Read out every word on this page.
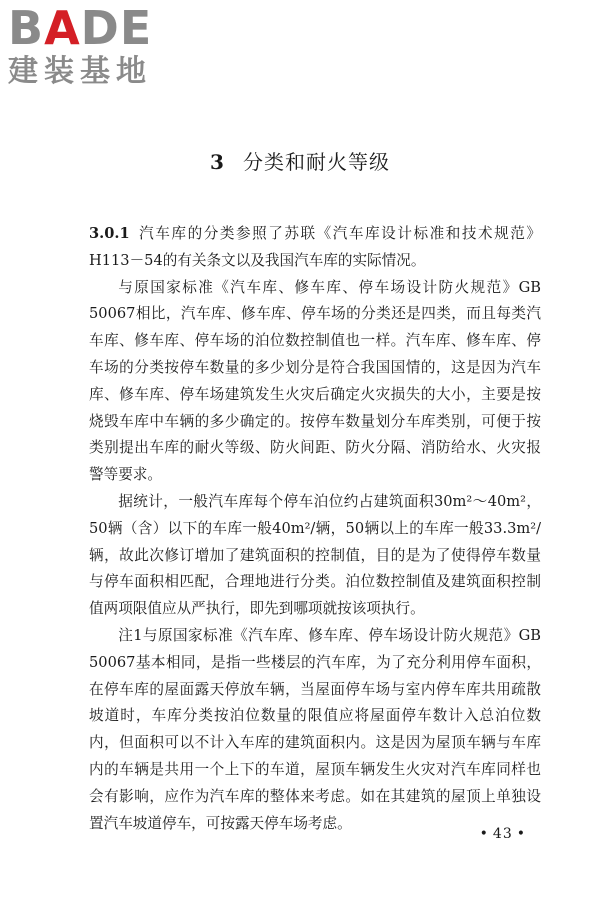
BADE
建装基地
3 分类和耐火等级

3.0.1 汽车库的分类参照了苏联《汽车库设计标准和技术规范》H113－54的有关条文以及我国汽车库的实际情况。

与原国家标准《汽车库、修车库、停车场设计防火规范》GB 50067相比，汽车库、修车库、停车场的分类还是四类，而且每类汽车库、修车库、停车场的泊位数控制值也一样。汽车库、修车库、停车场的分类按停车数量的多少划分是符合我国国情的，这是因为汽车库、修车库、停车场建筑发生火灾后确定火灾损失的大小，主要是按烧毁车库中车辆的多少确定的。按停车数量划分车库类别，可便于按类别提出车库的耐火等级、防火间距、防火分隔、消防给水、火灾报警等要求。

据统计，一般汽车库每个停车泊位约占建筑面积30m²～40m²，50辆（含）以下的车库一般40m²/辆，50辆以上的车库一般33.3m²/辆，故此次修订增加了建筑面积的控制值，目的是为了使得停车数量与停车面积相匹配，合理地进行分类。泊位数控制值及建筑面积控制值两项限值应从严执行，即先到哪项就按该项执行。

注1与原国家标准《汽车库、修车库、停车场设计防火规范》GB 50067基本相同，是指一些楼层的汽车库，为了充分利用停车面积，在停车库的屋面露天停放车辆，当屋面停车场与室内停车库共用疏散坡道时，车库分类按泊位数量的限值应将屋面停车数计入总泊位数内，但面积可以不计入车库的建筑面积内。这是因为屋顶车辆与车库内的车辆是共用一个上下的车道，屋顶车辆发生火灾对汽车库同样也会有影响，应作为汽车库的整体来考虑。如在其建筑的屋顶上单独设置汽车坡道停车，可按露天停车场考虑。

• 43 •
